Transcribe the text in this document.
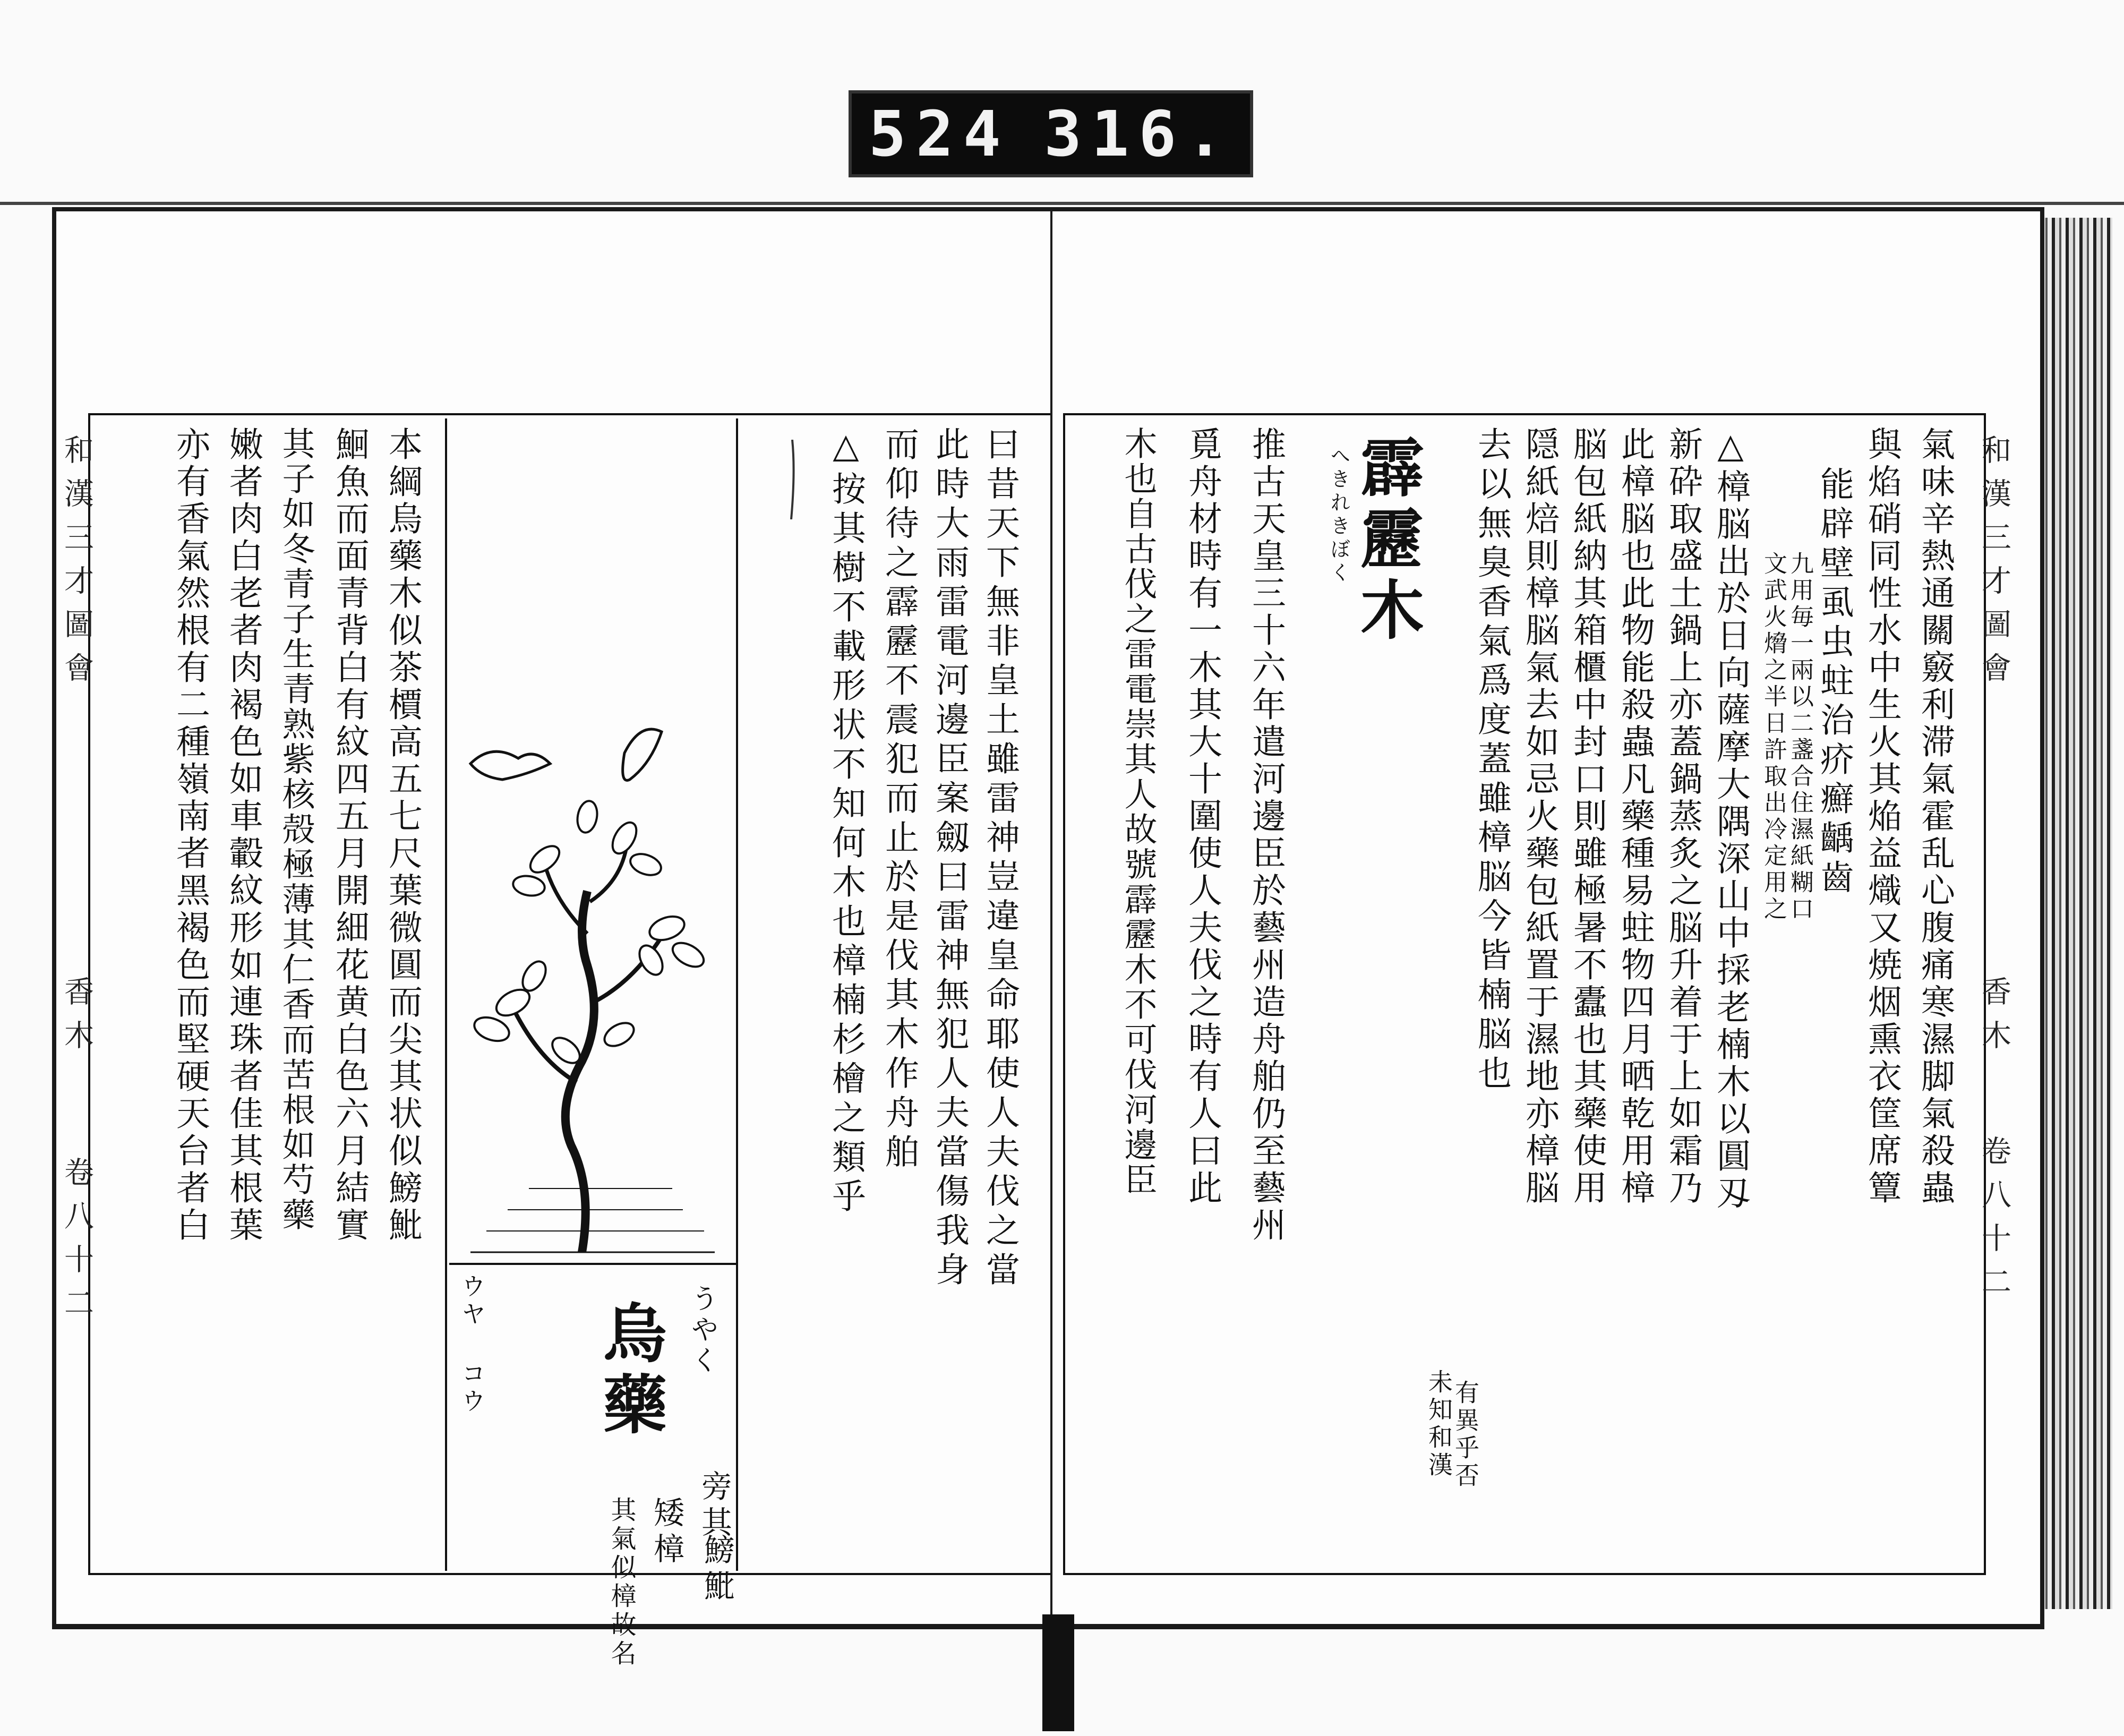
524 316.
和漢三才圖會
香木
卷八十二	曰昔天下無非皇土雖雷神豈違皇命耶使人夫伐之當
此時大雨雷電河邊臣案劔曰雷神無犯人夫當傷我身
而仰待之霹靂不震犯而止於是伐其木作舟舶
△按其樹不載形状不知何木也樟楠杉檜之類乎
烏藥 うやく
ウヤ コウ
旁其
鰟魮
矮樟
其氣似樟故名
本綱烏藥木似茶檟高五七尺葉微圓而尖其状似鰟魮
鮰魚而面青背白有紋四五月開細花黄白色六月結實
其子如冬青子生青熟紫核殻極薄其仁香而苦根如芍藥
嫩者肉白老者肉褐色如車轂紋形如連珠者佳其根葉
亦有香氣然根有二種嶺南者黑褐色而堅硬天台者白	和漢三才圖會
香木
卷八十二
氣味辛熱通關竅利滞氣霍乱心腹痛寒濕脚氣殺蟲
與焰硝同性水中生火其焔益熾又焼烟熏衣筐席簟
能辟壁虱虫蛀治疥癬齲齒
九用毎一兩以二盞合住濕紙糊口
文武火熁之半日許取出冷定用之
△樟脳出於日向薩摩大隅深山中採老楠木以圓刄
新砕取盛土鍋上亦蓋鍋蒸炙之脳升着于上如霜乃
此樟脳也此物能殺蟲凡藥種易蛀物四月晒乾用樟
脳包紙納其箱櫃中封口則雖極暑不蠹也其藥使用
隠紙焙則樟脳氣去如忌火藥包紙置于濕地亦樟脳
去以無臭香氣爲度蓋雖樟脳今皆楠脳也
有異乎否
未知和漢
霹靂木
へきれきぼく
推古天皇三十六年遣河邊臣於藝州造舟舶仍至藝州
覓舟材時有一木其大十圍使人夫伐之時有人曰此
木也自古伐之雷電崇其人故號霹靂木不可伐河邊臣
